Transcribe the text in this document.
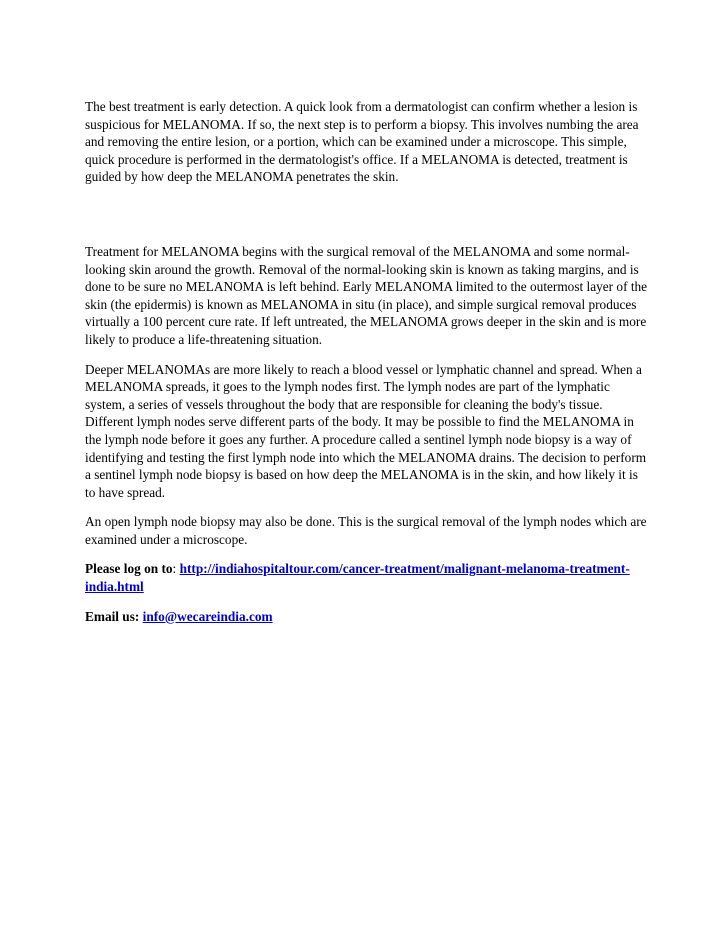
The best treatment is early detection. A quick look from a dermatologist can confirm whether a lesion is suspicious for MELANOMA. If so, the next step is to perform a biopsy. This involves numbing the area and removing the entire lesion, or a portion, which can be examined under a microscope. This simple, quick procedure is performed in the dermatologist's office. If a MELANOMA is detected, treatment is guided by how deep the MELANOMA penetrates the skin.

Treatment for MELANOMA begins with the surgical removal of the MELANOMA and some normal-looking skin around the growth. Removal of the normal-looking skin is known as taking margins, and is done to be sure no MELANOMA is left behind. Early MELANOMA limited to the outermost layer of the skin (the epidermis) is known as MELANOMA in situ (in place), and simple surgical removal produces virtually a 100 percent cure rate. If left untreated, the MELANOMA grows deeper in the skin and is more likely to produce a life-threatening situation.

Deeper MELANOMAs are more likely to reach a blood vessel or lymphatic channel and spread. When a MELANOMA spreads, it goes to the lymph nodes first. The lymph nodes are part of the lymphatic system, a series of vessels throughout the body that are responsible for cleaning the body's tissue. Different lymph nodes serve different parts of the body. It may be possible to find the MELANOMA in the lymph node before it goes any further. A procedure called a sentinel lymph node biopsy is a way of identifying and testing the first lymph node into which the MELANOMA drains. The decision to perform a sentinel lymph node biopsy is based on how deep the MELANOMA is in the skin, and how likely it is to have spread.

An open lymph node biopsy may also be done. This is the surgical removal of the lymph nodes which are examined under a microscope.

Please log on to: http://indiahospitaltour.com/cancer-treatment/malignant-melanoma-treatment-india.html

Email us: info@wecareindia.com
